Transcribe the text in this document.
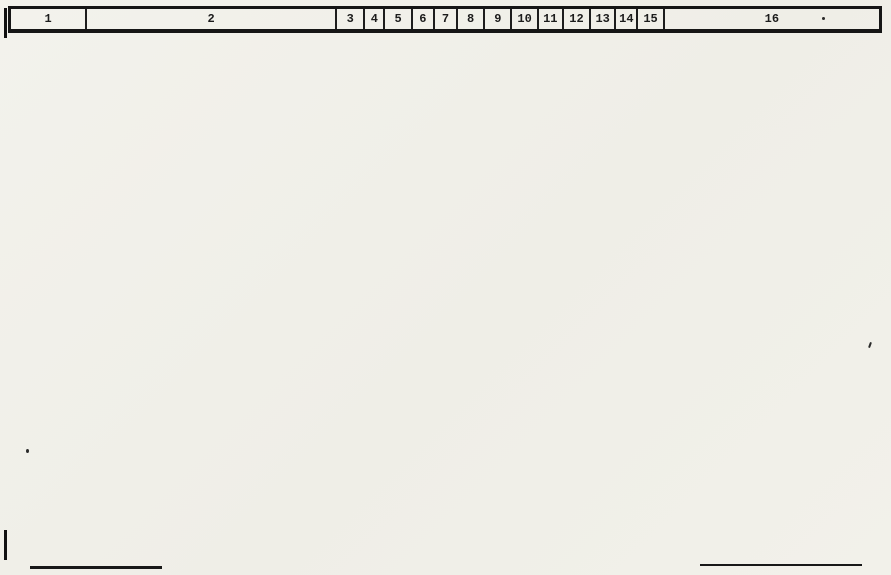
1	2	3	4	5	6	7	8	9	10	11	12	13	14	15	16
